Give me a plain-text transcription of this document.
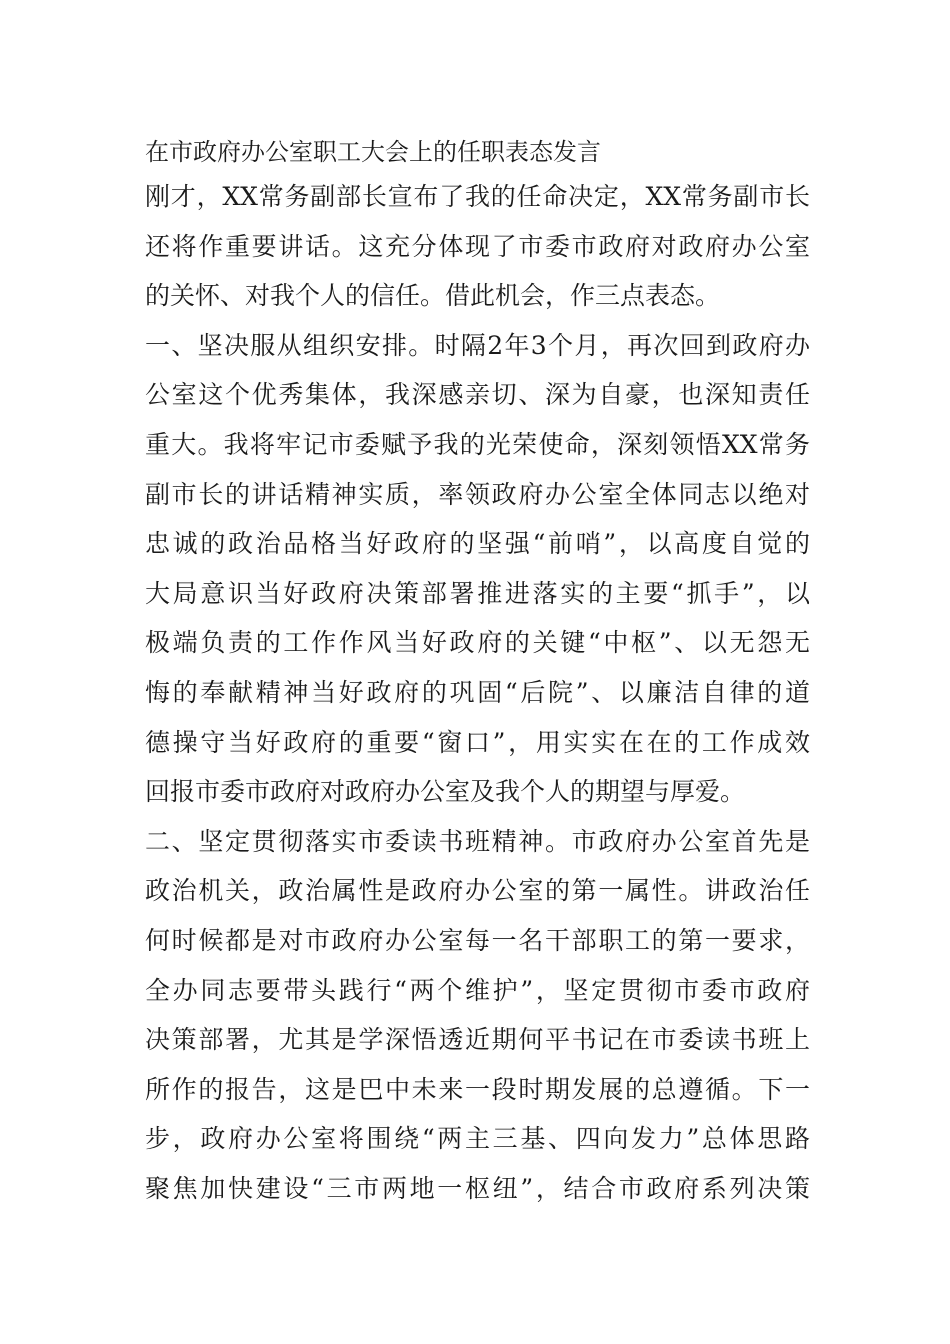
在市政府办公室职工大会上的任职表态发言
刚才，XX常务副部长宣布了我的任命决定，XX常务副市长
还将作重要讲话。这充分体现了市委市政府对政府办公室
的关怀、对我个人的信任。借此机会，作三点表态。
一、坚决服从组织安排。时隔2年3个月，再次回到政府办
公室这个优秀集体，我深感亲切、深为自豪，也深知责任
重大。我将牢记市委赋予我的光荣使命，深刻领悟XX常务
副市长的讲话精神实质，率领政府办公室全体同志以绝对
忠诚的政治品格当好政府的坚强“前哨”，以高度自觉的
大局意识当好政府决策部署推进落实的主要“抓手”，以
极端负责的工作作风当好政府的关键“中枢”、以无怨无
悔的奉献精神当好政府的巩固“后院”、以廉洁自律的道
德操守当好政府的重要“窗口”，用实实在在的工作成效
回报市委市政府对政府办公室及我个人的期望与厚爱。
二、坚定贯彻落实市委读书班精神。市政府办公室首先是
政治机关，政治属性是政府办公室的第一属性。讲政治任
何时候都是对市政府办公室每一名干部职工的第一要求，
全办同志要带头践行“两个维护”，坚定贯彻市委市政府
决策部署，尤其是学深悟透近期何平书记在市委读书班上
所作的报告，这是巴中未来一段时期发展的总遵循。下一
步，政府办公室将围绕“两主三基、四向发力”总体思路
聚焦加快建设“三市两地一枢纽”，结合市政府系列决策
